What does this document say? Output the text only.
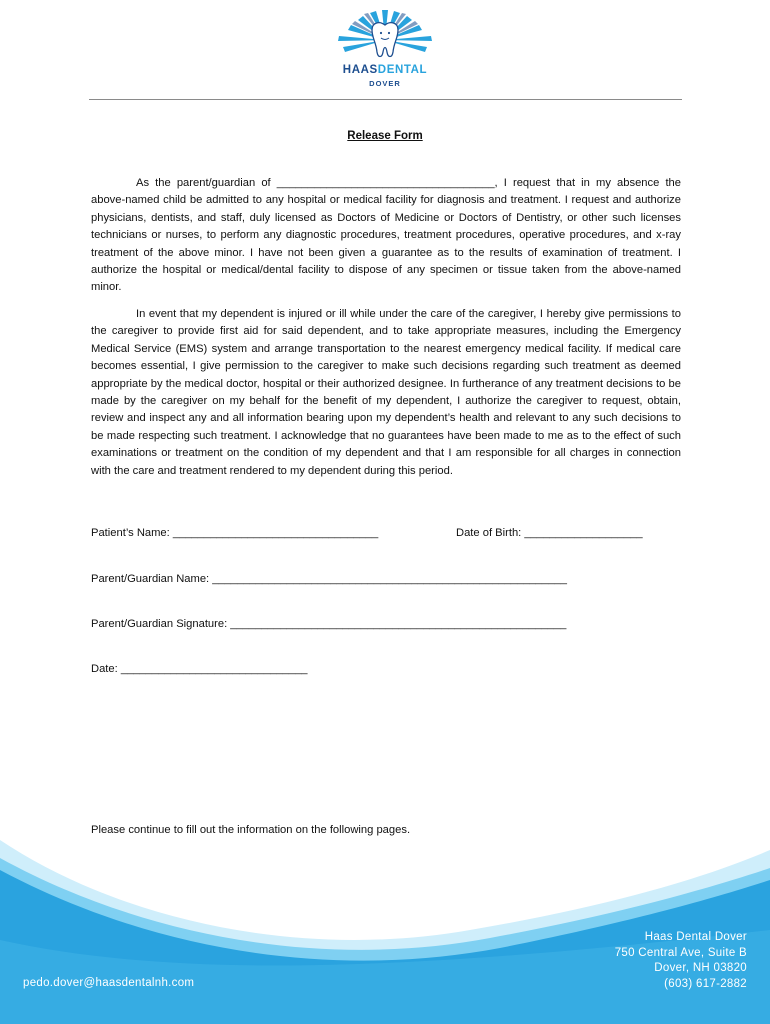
HAASDENTAL
DOVER
Release Form

As the parent/guardian of ___________________________________, I request that in my absence the above-named child be admitted to any hospital or medical facility for diagnosis and treatment. I request and authorize physicians, dentists, and staff, duly licensed as Doctors of Medicine or Doctors of Dentistry, or other such licenses technicians or nurses, to perform any diagnostic procedures, treatment procedures, operative procedures, and x-ray treatment of the above minor. I have not been given a guarantee as to the results of examination of treatment. I authorize the hospital or medical/dental facility to dispose of any specimen or tissue taken from the above-named minor.

In event that my dependent is injured or ill while under the care of the caregiver, I hereby give permissions to the caregiver to provide first aid for said dependent, and to take appropriate measures, including the Emergency Medical Service (EMS) system and arrange transportation to the nearest emergency medical facility. If medical care becomes essential, I give permission to the caregiver to make such decisions regarding such treatment as deemed appropriate by the medical doctor, hospital or their authorized designee. In furtherance of any treatment decisions to be made by the caregiver on my behalf for the benefit of my dependent, I authorize the caregiver to request, obtain, review and inspect any and all information bearing upon my dependent’s health and relevant to any such decisions to be made respecting such treatment. I acknowledge that no guarantees have been made to me as to the effect of such examinations or treatment on the condition of my dependent and that I am responsible for all charges in connection with the care and treatment rendered to my dependent during this period.

Patient’s Name: _________________________________	Date of Birth: ___________________
Parent/Guardian Name: _________________________________________________________
Parent/Guardian Signature: ______________________________________________________
Date: ______________________________
Please continue to fill out the information on the following pages.
Haas Dental Dover
750 Central Ave, Suite B
Dover, NH 03820
(603) 617-2882
pedo.dover@haasdentalnh.com
